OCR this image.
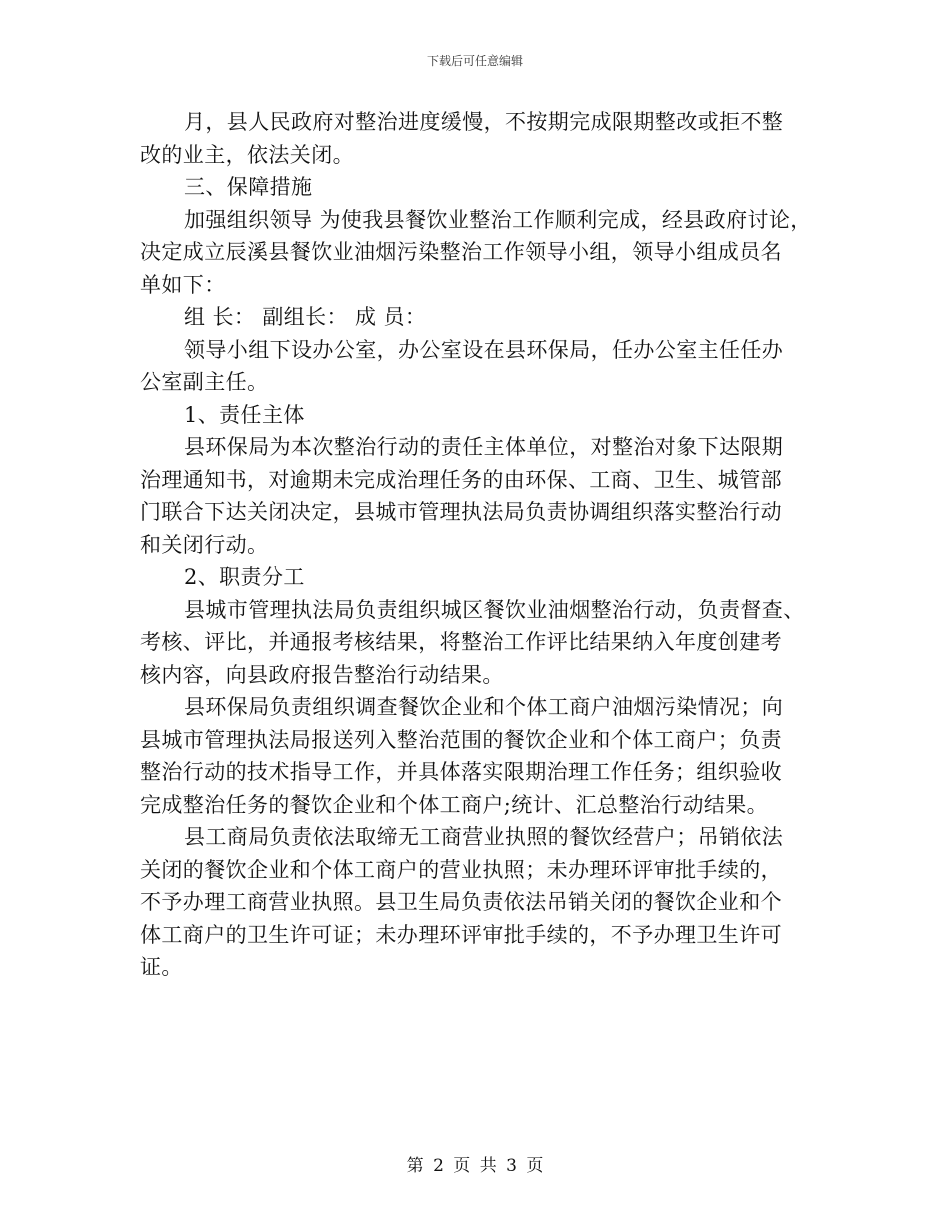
下载后可任意编辑
月，县人民政府对整治进度缓慢，不按期完成限期整改或拒不整
改的业主，依法关闭。
三、保障措施
加强组织领导 为使我县餐饮业整治工作顺利完成，经县政府讨论，
决定成立辰溪县餐饮业油烟污染整治工作领导小组，领导小组成员名
单如下：
组 长： 副组长： 成 员：
领导小组下设办公室，办公室设在县环保局，任办公室主任任办
公室副主任。
1、责任主体
县环保局为本次整治行动的责任主体单位，对整治对象下达限期
治理通知书，对逾期未完成治理任务的由环保、工商、卫生、城管部
门联合下达关闭决定，县城市管理执法局负责协调组织落实整治行动
和关闭行动。
2、职责分工
县城市管理执法局负责组织城区餐饮业油烟整治行动，负责督查、
考核、评比，并通报考核结果，将整治工作评比结果纳入年度创建考
核内容，向县政府报告整治行动结果。
县环保局负责组织调查餐饮企业和个体工商户油烟污染情况；向
县城市管理执法局报送列入整治范围的餐饮企业和个体工商户；负责
整治行动的技术指导工作，并具体落实限期治理工作任务；组织验收
完成整治任务的餐饮企业和个体工商户;统计、汇总整治行动结果。
县工商局负责依法取缔无工商营业执照的餐饮经营户；吊销依法
关闭的餐饮企业和个体工商户的营业执照；未办理环评审批手续的，
不予办理工商营业执照。县卫生局负责依法吊销关闭的餐饮企业和个
体工商户的卫生许可证；未办理环评审批手续的，不予办理卫生许可
证。
第 2 页 共 3 页
